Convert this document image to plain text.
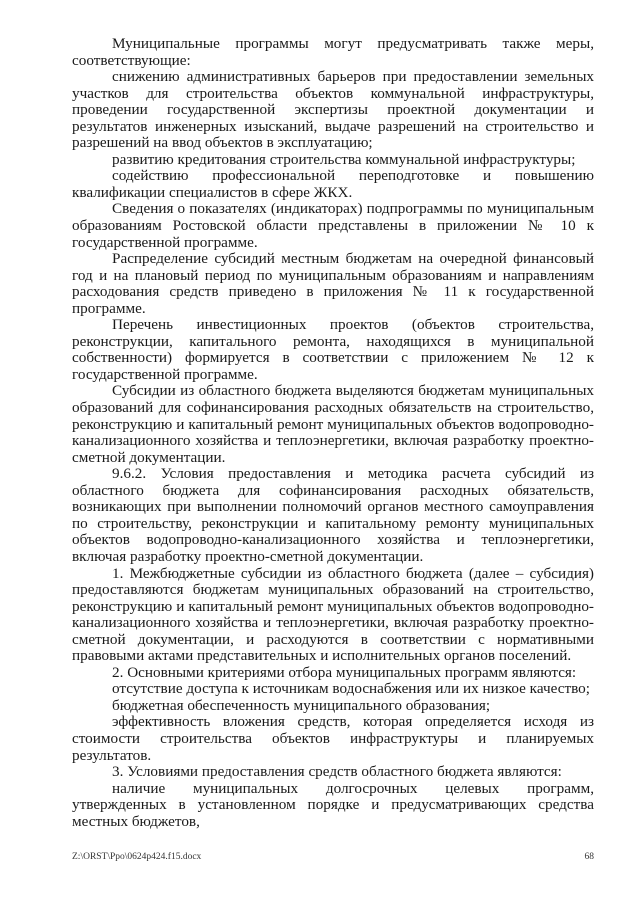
Муниципальные программы могут предусматривать также меры, соответствующие:

снижению административных барьеров при предоставлении земельных участков для строительства объектов коммунальной инфраструктуры, проведении государственной экспертизы проектной документации и результатов инженерных изысканий, выдаче разрешений на строительство и разрешений на ввод объектов в эксплуатацию;

развитию кредитования строительства коммунальной инфраструктуры;

содействию профессиональной переподготовке и повышению квалификации специалистов в сфере ЖКХ.

Сведения о показателях (индикаторах) подпрограммы по муниципальным образованиям Ростовской области представлены в приложении № 10 к государственной программе.

Распределение субсидий местным бюджетам на очередной финансовый год и на плановый период по муниципальным образованиям и направлениям расходования средств приведено в приложения № 11 к государственной программе.

Перечень инвестиционных проектов (объектов строительства, реконструкции, капитального ремонта, находящихся в муниципальной собственности) формируется в соответствии с приложением № 12 к государственной программе.

Субсидии из областного бюджета выделяются бюджетам муниципальных образований для софинансирования расходных обязательств на строительство, реконструкцию и капитальный ремонт муниципальных объектов водопроводно-канализационного хозяйства и теплоэнергетики, включая разработку проектно-сметной документации.

9.6.2. Условия предоставления и методика расчета субсидий из областного бюджета для софинансирования расходных обязательств, возникающих при выполнении полномочий органов местного самоуправления по строительству, реконструкции и капитальному ремонту муниципальных объектов водопроводно-канализационного хозяйства и теплоэнергетики, включая разработку проектно-сметной документации.

1. Межбюджетные субсидии из областного бюджета (далее – субсидия) предоставляются бюджетам муниципальных образований на строительство, реконструкцию и капитальный ремонт муниципальных объектов водопроводно-канализационного хозяйства и теплоэнергетики, включая разработку проектно-сметной документации, и расходуются в соответствии с нормативными правовыми актами представительных и исполнительных органов поселений.

2. Основными критериями отбора муниципальных программ являются:

отсутствие доступа к источникам водоснабжения или их низкое качество;

бюджетная обеспеченность муниципального образования;

эффективность вложения средств, которая определяется исходя из стоимости строительства объектов инфраструктуры и планируемых результатов.

3. Условиями предоставления средств областного бюджета являются:

наличие муниципальных долгосрочных целевых программ, утвержденных в установленном порядке и предусматривающих средства местных бюджетов,

Z:\ORST\Ppo\0624p424.f15.docx	68
